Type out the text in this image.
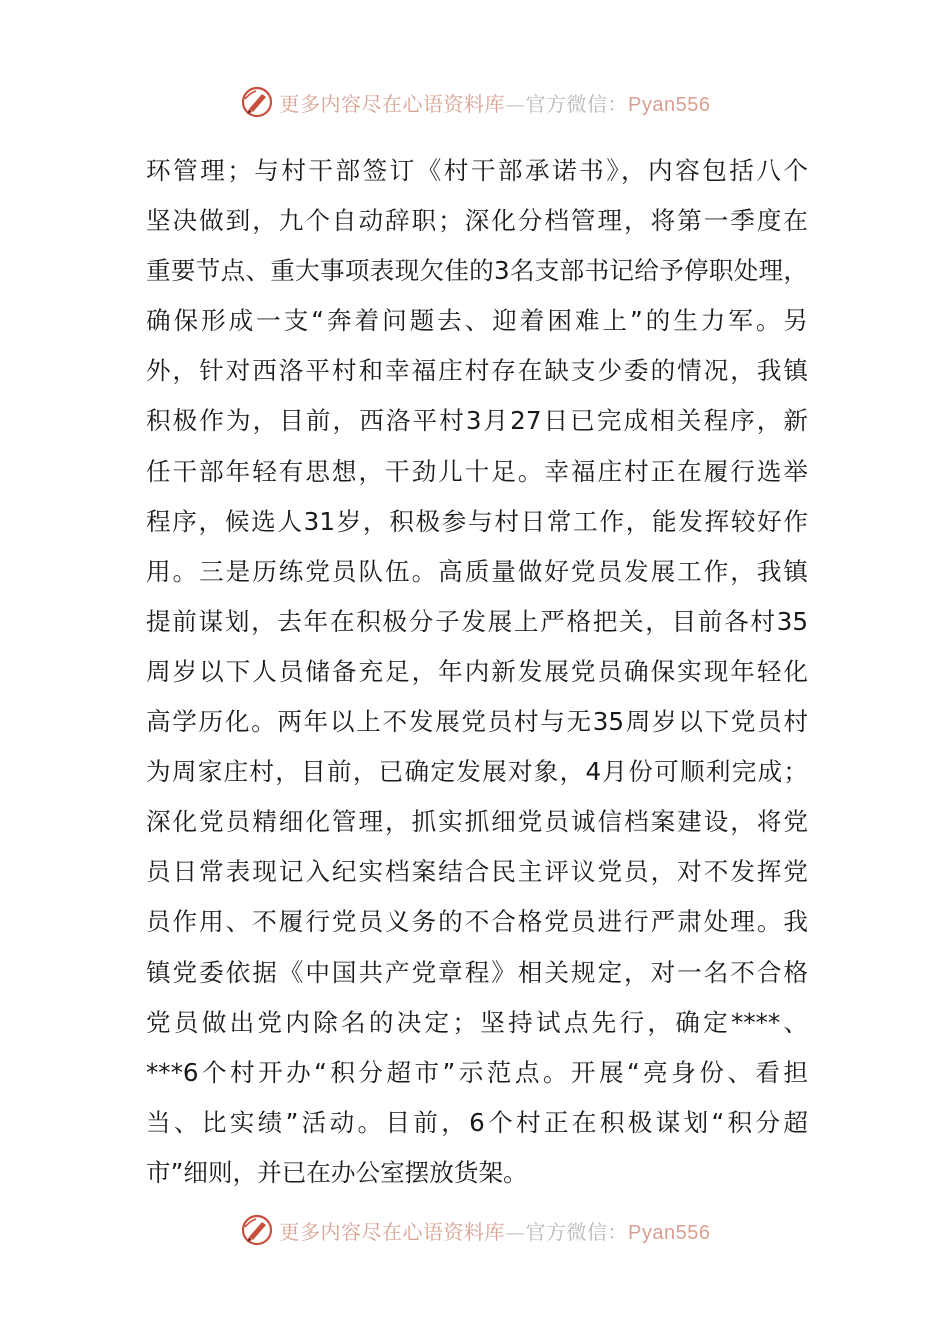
更多内容尽在心语资料库—官方微信：Pyan556
环管理；与村干部签订《村干部承诺书》，内容包括八个
坚决做到，九个自动辞职；深化分档管理，将第一季度在
重要节点、重大事项表现欠佳的3名支部书记给予停职处理，
确保形成一支“奔着问题去、迎着困难上”的生力军。另
外，针对西洛平村和幸福庄村存在缺支少委的情况，我镇
积极作为，目前，西洛平村3月27日已完成相关程序，新
任干部年轻有思想，干劲儿十足。幸福庄村正在履行选举
程序，候选人31岁，积极参与村日常工作，能发挥较好作
用。三是历练党员队伍。高质量做好党员发展工作，我镇
提前谋划，去年在积极分子发展上严格把关，目前各村35
周岁以下人员储备充足，年内新发展党员确保实现年轻化
高学历化。两年以上不发展党员村与无35周岁以下党员村
为周家庄村，目前，已确定发展对象，4月份可顺利完成；
深化党员精细化管理，抓实抓细党员诚信档案建设，将党
员日常表现记入纪实档案结合民主评议党员，对不发挥党
员作用、不履行党员义务的不合格党员进行严肃处理。我
镇党委依据《中国共产党章程》相关规定，对一名不合格
党员做出党内除名的决定；坚持试点先行，确定****、
***6个村开办“积分超市”示范点。开展“亮身份、看担
当、比实绩”活动。目前，6个村正在积极谋划“积分超
市”细则，并已在办公室摆放货架。
更多内容尽在心语资料库—官方微信：Pyan556
